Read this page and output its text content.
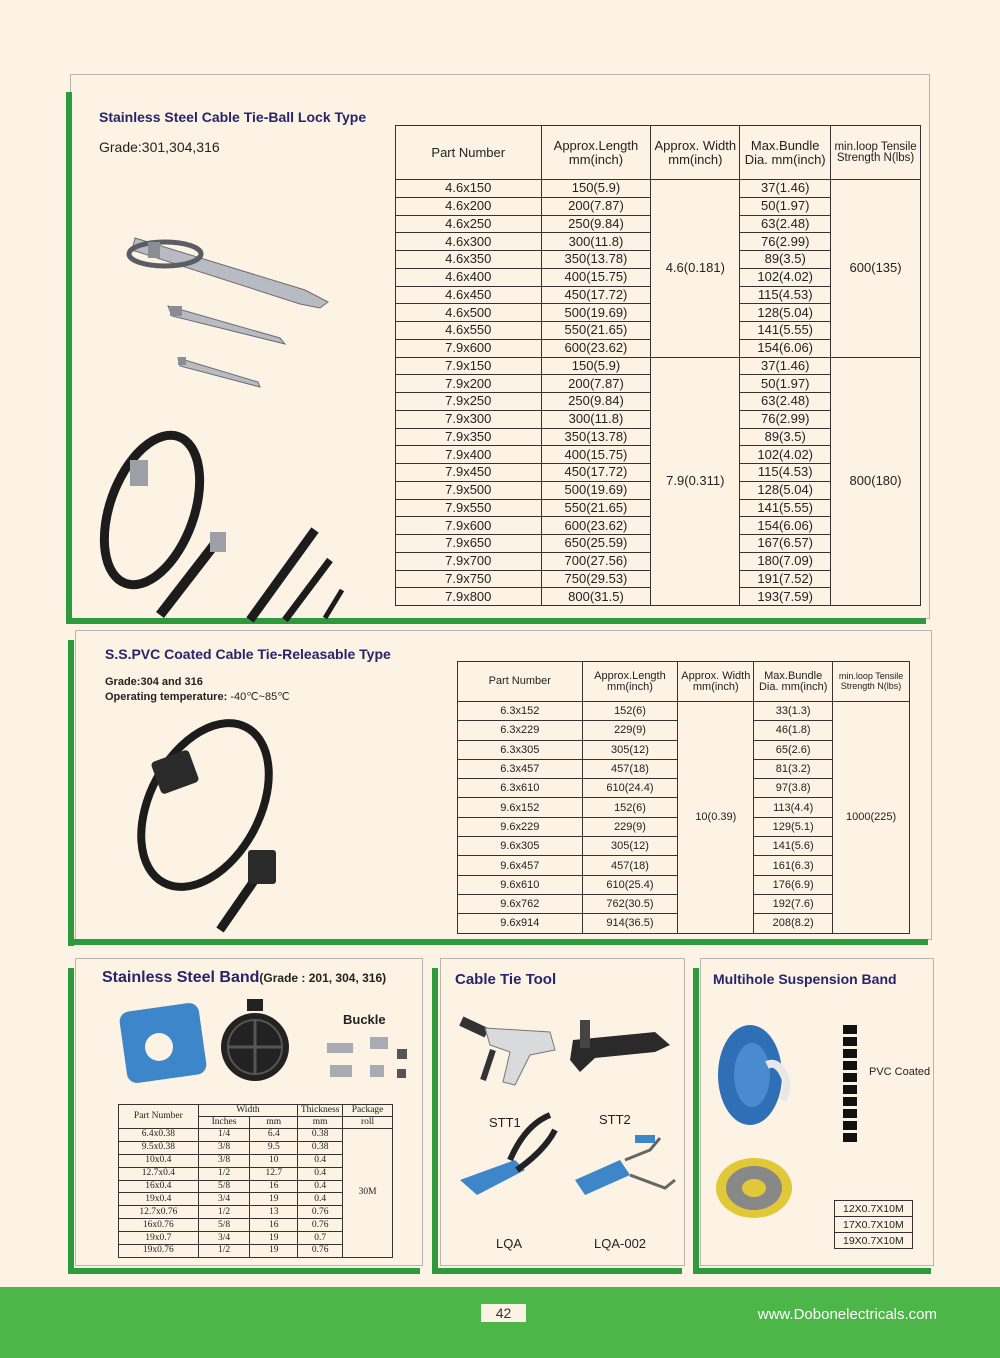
Stainless Steel Cable Tie-Ball Lock Type
Grade:301,304,316	Part Number	Approx.Length mm(inch)	Approx. Width mm(inch)	Max.Bundle Dia. mm(inch)	min.loop Tensile Strength N(lbs)
4.6x150	150(5.9)	4.6(0.181)	37(1.46)	600(135)
4.6x200	200(7.87)		50(1.97)	
4.6x250	250(9.84)		63(2.48)	
4.6x300	300(11.8)		76(2.99)	
4.6x350	350(13.78)		89(3.5)	
4.6x400	400(15.75)		102(4.02)	
4.6x450	450(17.72)		115(4.53)	
4.6x500	500(19.69)		128(5.04)	
4.6x550	550(21.65)		141(5.55)	
7.9x600	600(23.62)		154(6.06)	
7.9x150	150(5.9)	7.9(0.311)	37(1.46)	800(180)
7.9x200	200(7.87)		50(1.97)	
7.9x250	250(9.84)		63(2.48)	
7.9x300	300(11.8)		76(2.99)	
7.9x350	350(13.78)		89(3.5)	
7.9x400	400(15.75)		102(4.02)	
7.9x450	450(17.72)		115(4.53)	
7.9x500	500(19.69)		128(5.04)	
7.9x550	550(21.65)		141(5.55)	
7.9x600	600(23.62)		154(6.06)	
7.9x650	650(25.59)		167(6.57)	
7.9x700	700(27.56)		180(7.09)	
7.9x750	750(29.53)		191(7.52)	
7.9x800	800(31.5)		193(7.59)	
S.S.PVC Coated Cable Tie-Releasable Type
Grade:304 and 316
Operating temperature: -40℃~85℃
Part Number	Approx.Length mm(inch)	Approx. Width mm(inch)	Max.Bundle Dia. mm(inch)	min.loop Tensile Strength N(lbs)
6.3x152	152(6)	10(0.39)	33(1.3)	1000(225)
6.3x229	229(9)		46(1.8)	
6.3x305	305(12)		65(2.6)	
6.3x457	457(18)		81(3.2)	
6.3x610	610(24.4)		97(3.8)	
9.6x152	152(6)		113(4.4)	
9.6x229	229(9)		129(5.1)	
9.6x305	305(12)		141(5.6)	
9.6x457	457(18)		161(6.3)	
9.6x610	610(25.4)		176(6.9)	
9.6x762	762(30.5)		192(7.6)	
9.6x914	914(36.5)		208(8.2)	
Stainless Steel Band(Grade : 201, 304, 316)
Buckle
Part Number	Width		Thickness	Package
	Inches	mm	mm	roll
6.4x0.38	1/4	6.4	0.38	30M
9.5x0.38	3/8	9.5	0.38	
10x0.4	3/8	10	0.4	
12.7x0.4	1/2	12.7	0.4	
16x0.4	5/8	16	0.4	
19x0.4	3/4	19	0.4	
12.7x0.76	1/2	13	0.76	
16x0.76	5/8	16	0.76	
19x0.7	3/4	19	0.7	
19x0.76	1/2	19	0.76	
Cable Tie Tool
STT1	STT2
LQA	LQA-002
Multihole Suspension Band
PVC Coated
12X0.7X10M
17X0.7X10M
19X0.7X10M
42	www.Dobonelectricals.com
